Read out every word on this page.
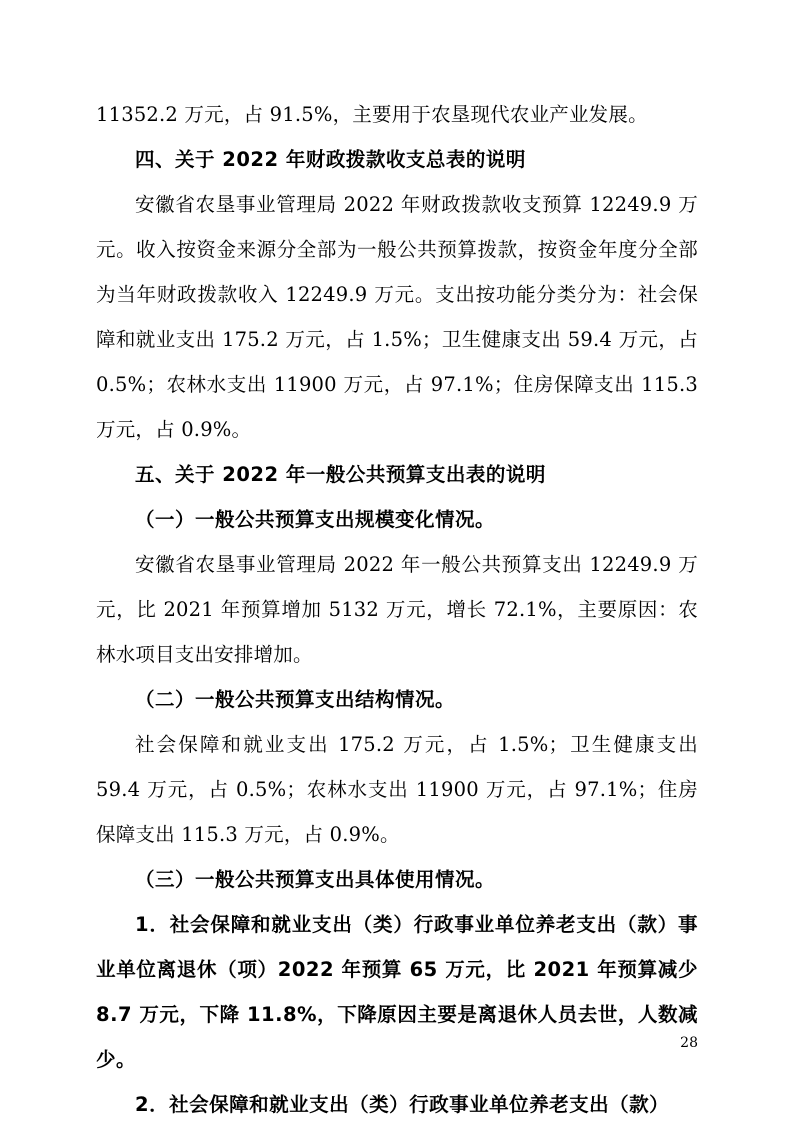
11352.2 万元，占 91.5%，主要用于农垦现代农业产业发展。

四、关于 2022 年财政拨款收支总表的说明

安徽省农垦事业管理局 2022 年财政拨款收支预算 12249.9 万元。收入按资金来源分全部为一般公共预算拨款，按资金年度分全部为当年财政拨款收入 12249.9 万元。支出按功能分类分为：社会保障和就业支出 175.2 万元，占 1.5%；卫生健康支出 59.4 万元，占 0.5%；农林水支出 11900 万元，占 97.1%；住房保障支出 115.3 万元，占 0.9%。

五、关于 2022 年一般公共预算支出表的说明

（一）一般公共预算支出规模变化情况。

安徽省农垦事业管理局 2022 年一般公共预算支出 12249.9 万元，比 2021 年预算增加 5132 万元，增长 72.1%，主要原因：农林水项目支出安排增加。

（二）一般公共预算支出结构情况。

社会保障和就业支出 175.2 万元，占 1.5%；卫生健康支出 59.4 万元，占 0.5%；农林水支出 11900 万元，占 97.1%；住房保障支出 115.3 万元，占 0.9%。

（三）一般公共预算支出具体使用情况。

1．社会保障和就业支出（类）行政事业单位养老支出（款）事业单位离退休（项）2022 年预算 65 万元，比 2021 年预算减少 8.7 万元，下降 11.8%，下降原因主要是离退休人员去世，人数减少。

2．社会保障和就业支出（类）行政事业单位养老支出（款）

28
